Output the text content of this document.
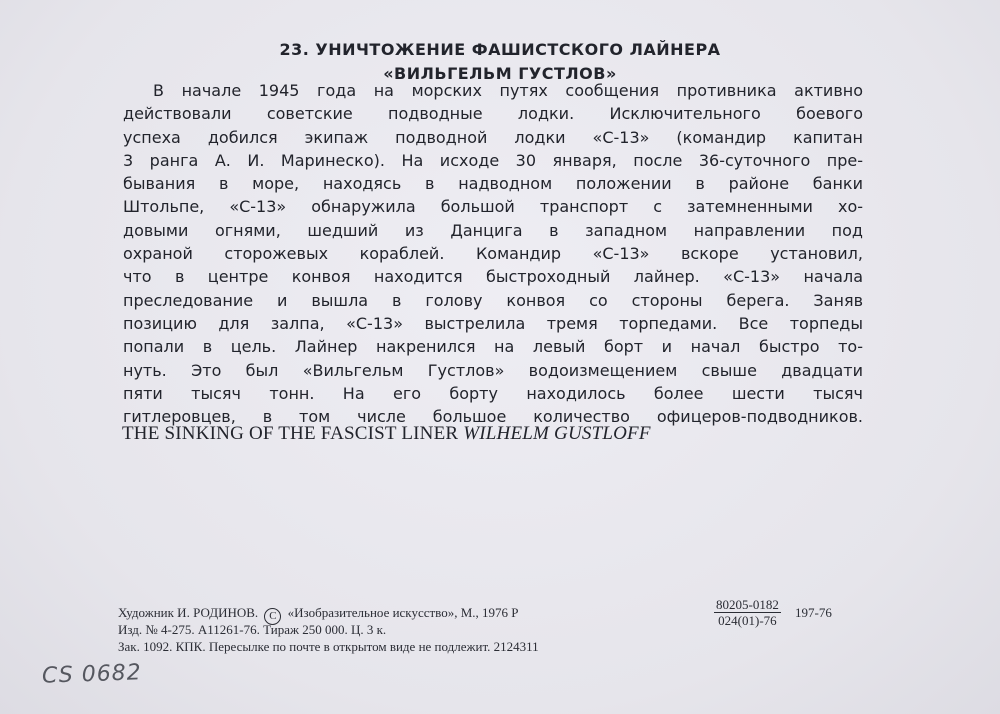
23. УНИЧТОЖЕНИЕ ФАШИСТСКОГО ЛАЙНЕРА
«ВИЛЬГЕЛЬМ ГУСТЛОВ»
В начале 1945 года на морских путях сообщения противника активно
действовали советские подводные лодки. Исключительного боевого
успеха добился экипаж подводной лодки «С-13» (командир капитан
3 ранга А. И. Маринеско). На исходе 30 января, после 36-суточного пре-
бывания в море, находясь в надводном положении в районе банки
Штольпе, «С-13» обнаружила большой транспорт с затемненными хо-
довыми огнями, шедший из Данцига в западном направлении под
охраной сторожевых кораблей. Командир «С-13» вскоре установил,
что в центре конвоя находится быстроходный лайнер. «С-13» начала
преследование и вышла в голову конвоя со стороны берега. Заняв
позицию для залпа, «С-13» выстрелила тремя торпедами. Все торпеды
попали в цель. Лайнер накренился на левый борт и начал быстро то-
нуть. Это был «Вильгельм Густлов» водоизмещением свыше двадцати
пяти тысяч тонн. На его борту находилось более шести тысяч
гитлеровцев, в том числе большое количество офицеров-подводников.
THE SINKING OF THE FASCIST LINER WILHELM GUSTLOFF
Художник И. РОДИНОВ. C «Изобразительное искусство», М., 1976 Р	$\frac{80205-0182}{024(01)-76} 197-76$
Изд. № 4-275. А11261-76. Тираж 250 000. Ц. 3 к.
Зак. 1092. КПК. Пересылке по почте в открытом виде не подлежит. 2124311
CS 0682
